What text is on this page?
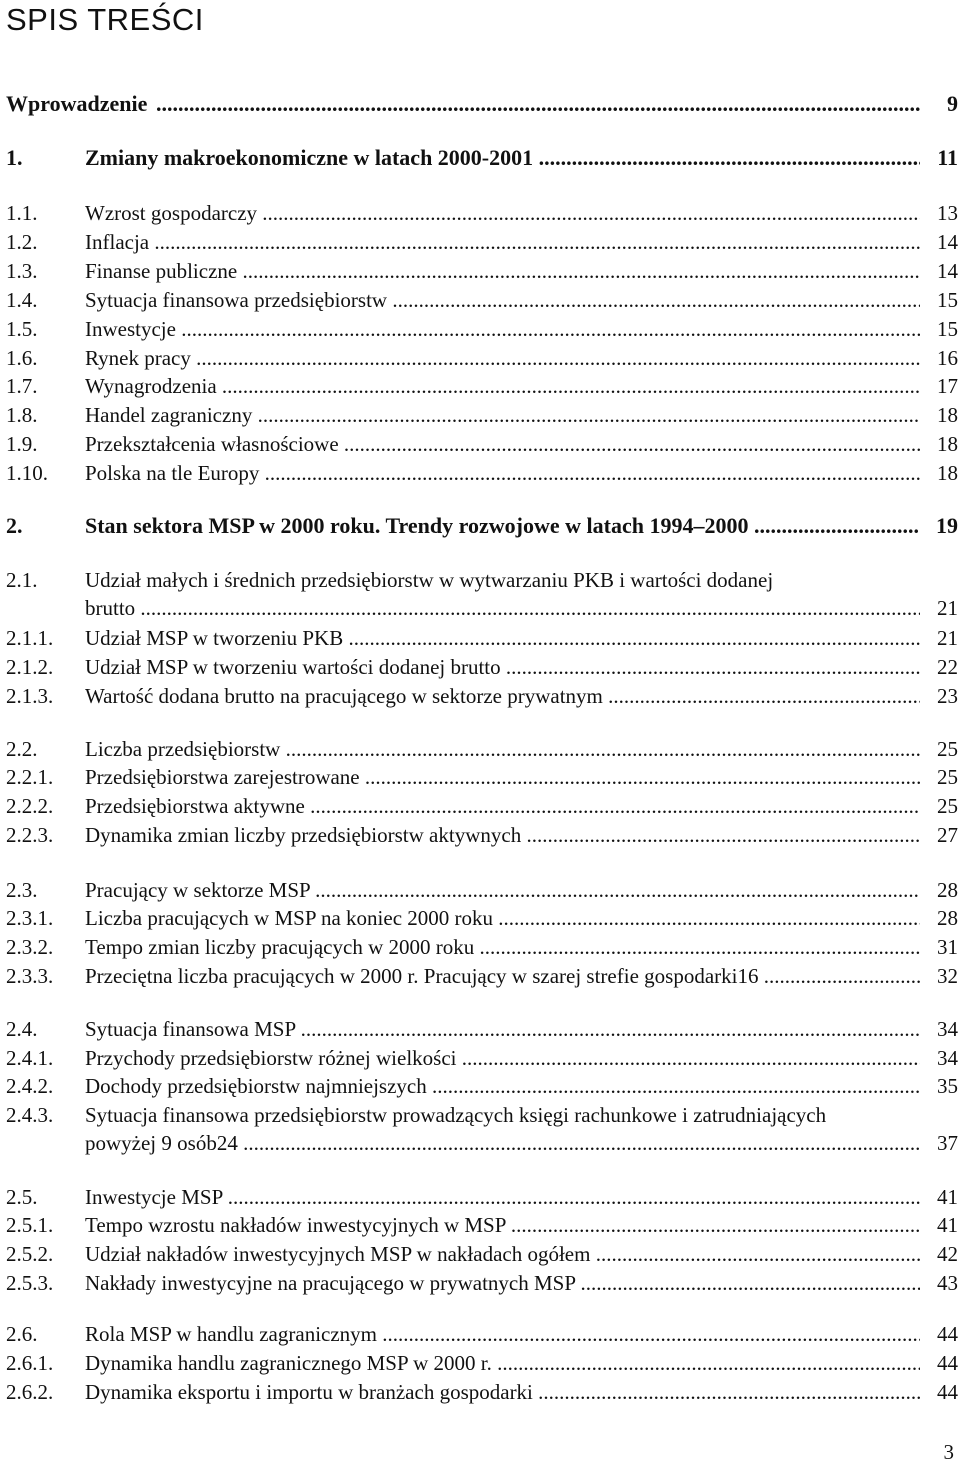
SPIS TREŚCI
Wprowadzenie .....	9
1.	Zmiany makroekonomiczne w latach 2000-2001 .....	11
1.1.	Wzrost gospodarczy .....	13
1.2.	Inflacja .....	14
1.3.	Finanse publiczne .....	14
1.4.	Sytuacja finansowa przedsiębiorstw .....	15
1.5.	Inwestycje .....	15
1.6.	Rynek pracy .....	16
1.7.	Wynagrodzenia .....	17
1.8.	Handel zagraniczny .....	18
1.9.	Przekształcenia własnościowe .....	18
1.10.	Polska na tle Europy .....	18
2.	Stan sektora MSP w 2000 roku. Trendy rozwojowe w latach 1994–2000 .....	19
2.1.	Udział małych i średnich przedsiębiorstw w wytwarzaniu PKB i wartości dodanej
brutto .....	21
2.1.1.	Udział MSP w tworzeniu PKB .....	21
2.1.2.	Udział MSP w tworzeniu wartości dodanej brutto .....	22
2.1.3.	Wartość dodana brutto na pracującego w sektorze prywatnym .....	23
2.2.	Liczba przedsiębiorstw .....	25
2.2.1.	Przedsiębiorstwa zarejestrowane .....	25
2.2.2.	Przedsiębiorstwa aktywne .....	25
2.2.3.	Dynamika zmian liczby przedsiębiorstw aktywnych .....	27
2.3.	Pracujący w sektorze MSP .....	28
2.3.1.	Liczba pracujących w MSP na koniec 2000 roku .....	28
2.3.2.	Tempo zmian liczby pracujących w 2000 roku .....	31
2.3.3.	Przeciętna liczba pracujących w 2000 r. Pracujący w szarej strefie gospodarki16 .....	32
2.4.	Sytuacja finansowa MSP .....	34
2.4.1.	Przychody przedsiębiorstw różnej wielkości .....	34
2.4.2.	Dochody przedsiębiorstw najmniejszych .....	35
2.4.3.	Sytuacja finansowa przedsiębiorstw prowadzących księgi rachunkowe i zatrudniających
powyżej 9 osób24 .....	37
2.5.	Inwestycje MSP .....	41
2.5.1.	Tempo wzrostu nakładów inwestycyjnych w MSP .....	41
2.5.2.	Udział nakładów inwestycyjnych MSP w nakładach ogółem .....	42
2.5.3.	Nakłady inwestycyjne na pracującego w prywatnych MSP .....	43
2.6.	Rola MSP w handlu zagranicznym .....	44
2.6.1.	Dynamika handlu zagranicznego MSP w 2000 r. .....	44
2.6.2.	Dynamika eksportu i importu w branżach gospodarki .....	44
3
